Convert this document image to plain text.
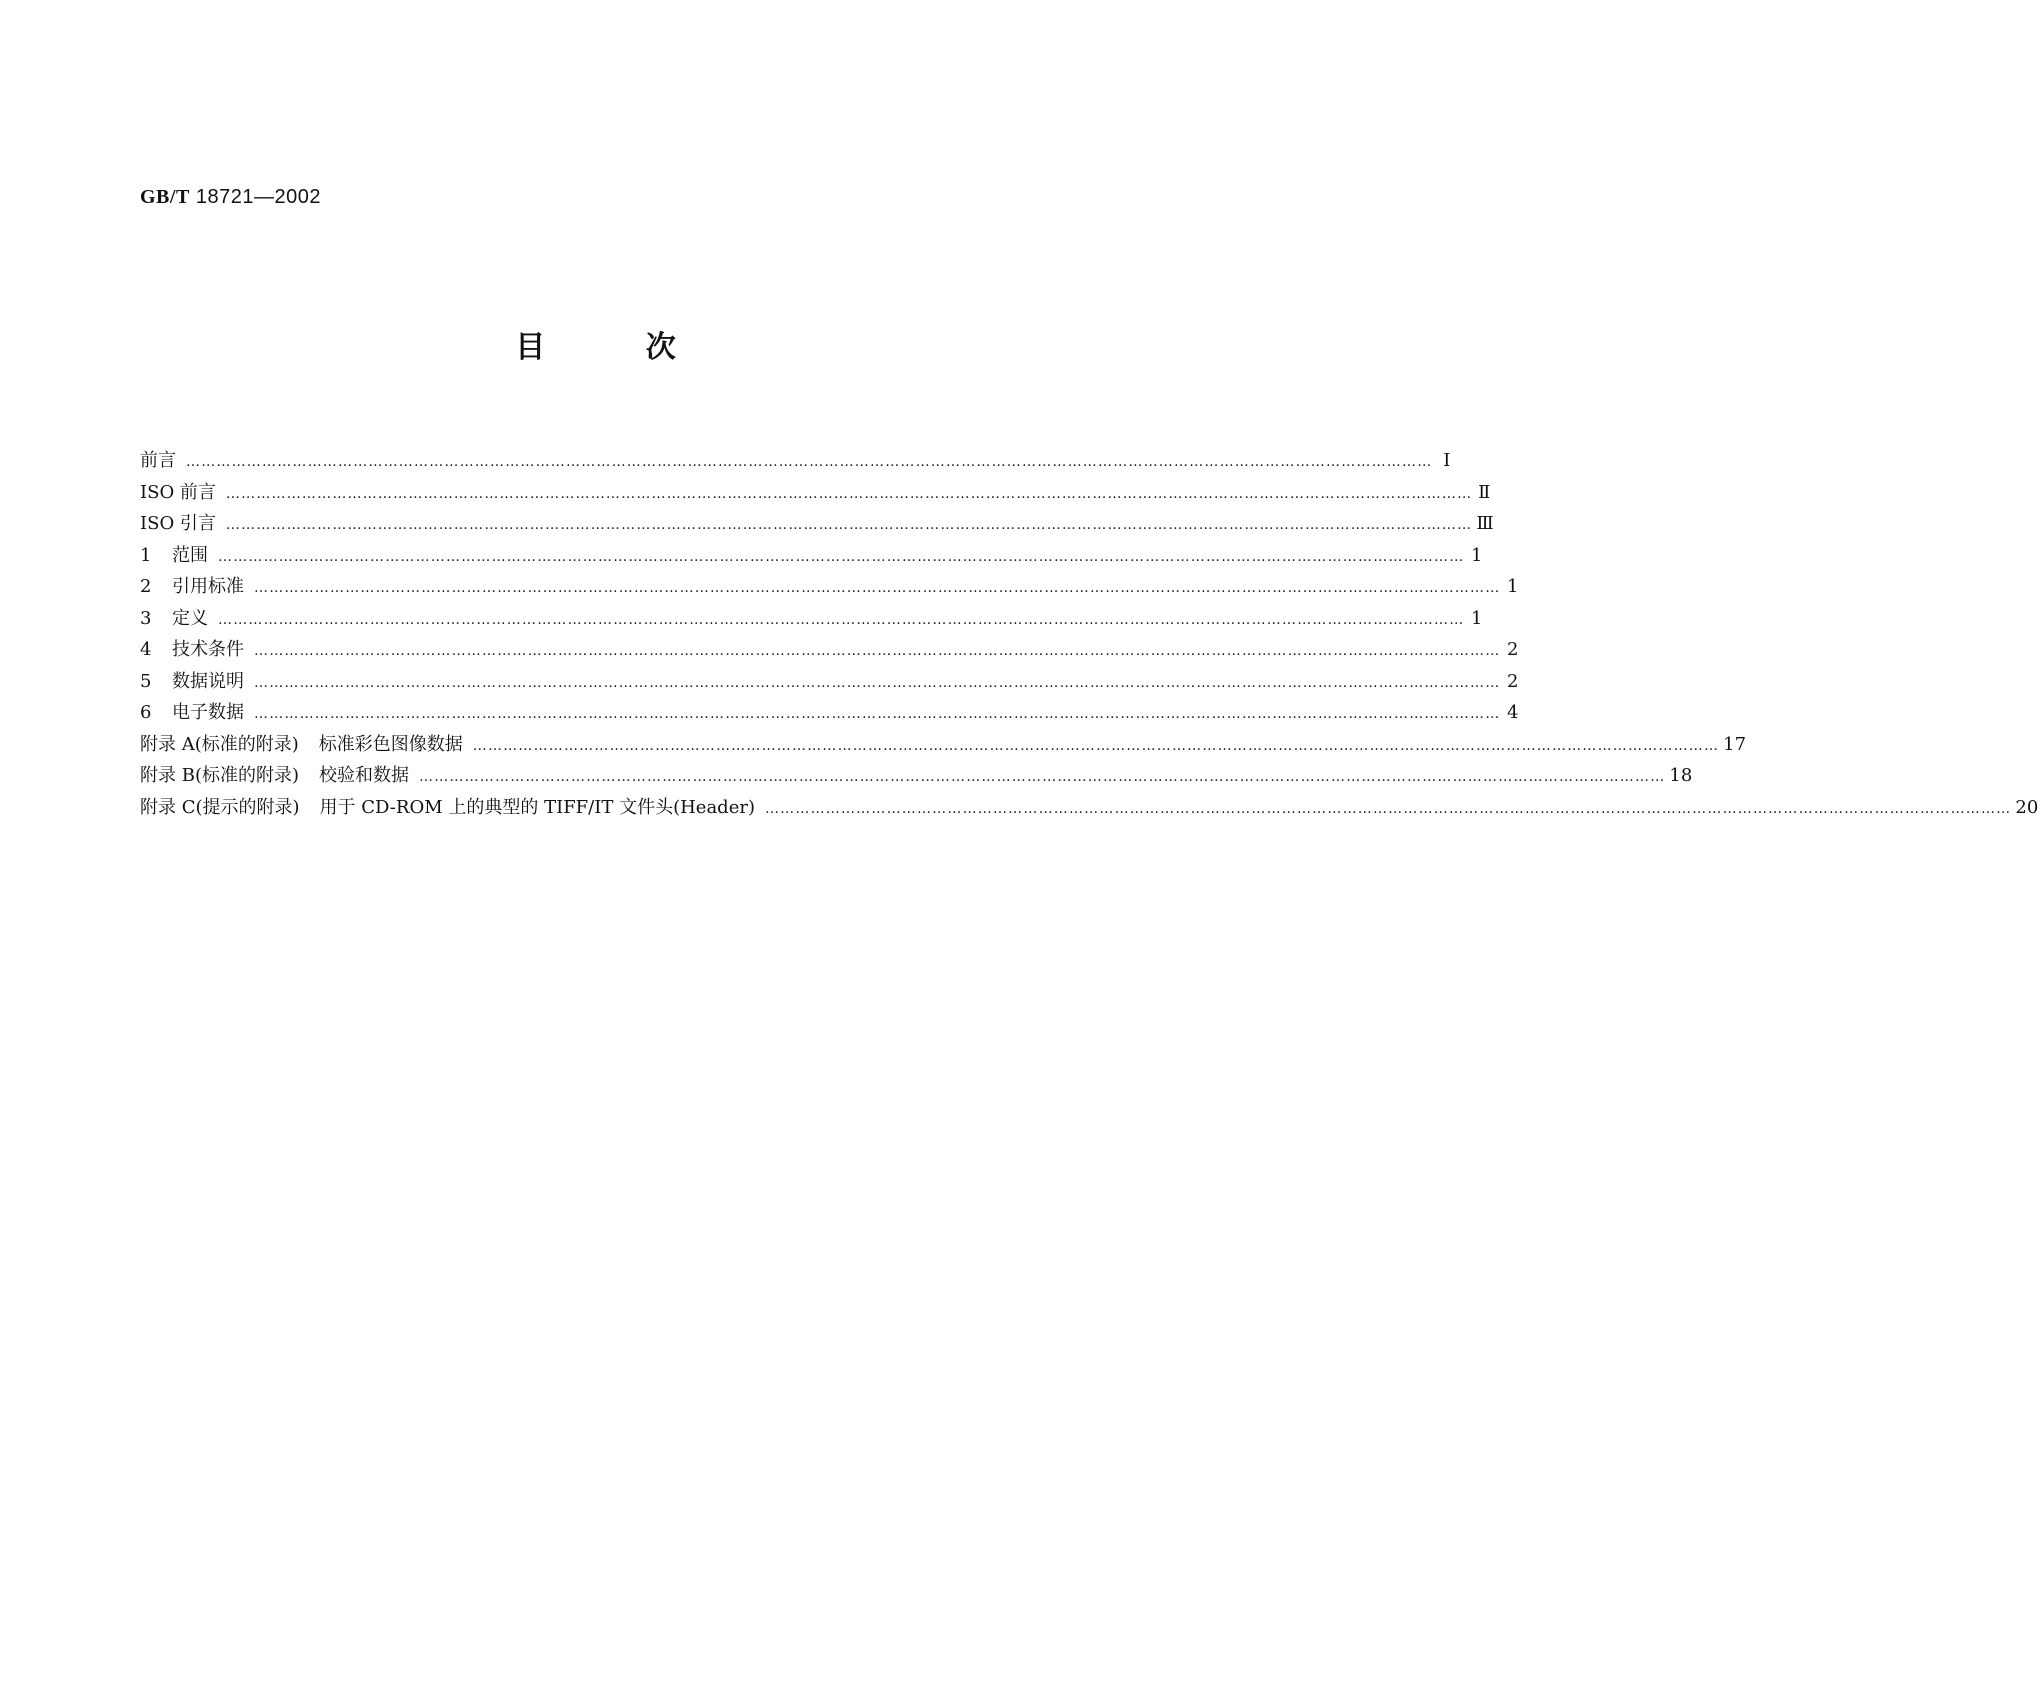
GB/T 18721—2002
目	次
前言 ………………………………………………………………………………………………………………………………………………………………………………………………………………………… Ⅰ
ISO 前言 ………………………………………………………………………………………………………………………………………………………………………………………………………………………… Ⅱ
ISO 引言 ………………………………………………………………………………………………………………………………………………………………………………………………………………………… Ⅲ
1 范围 ………………………………………………………………………………………………………………………………………………………………………………………………………………………… 1
2 引用标准 ………………………………………………………………………………………………………………………………………………………………………………………………………………………… 1
3 定义 ………………………………………………………………………………………………………………………………………………………………………………………………………………………… 1
4 技术条件 ………………………………………………………………………………………………………………………………………………………………………………………………………………………… 2
5 数据说明 ………………………………………………………………………………………………………………………………………………………………………………………………………………………… 2
6 电子数据 ………………………………………………………………………………………………………………………………………………………………………………………………………………………… 4
附录 A(标准的附录) 标准彩色图像数据 ………………………………………………………………………………………………………………………………………………………………………………………………………………………… 17
附录 B(标准的附录) 校验和数据 ………………………………………………………………………………………………………………………………………………………………………………………………………………………… 18
附录 C(提示的附录) 用于 CD-ROM 上的典型的 TIFF/IT 文件头(Header) ………………………………………………………………………………………………………………………………………………………………………………………………………………………… 20
